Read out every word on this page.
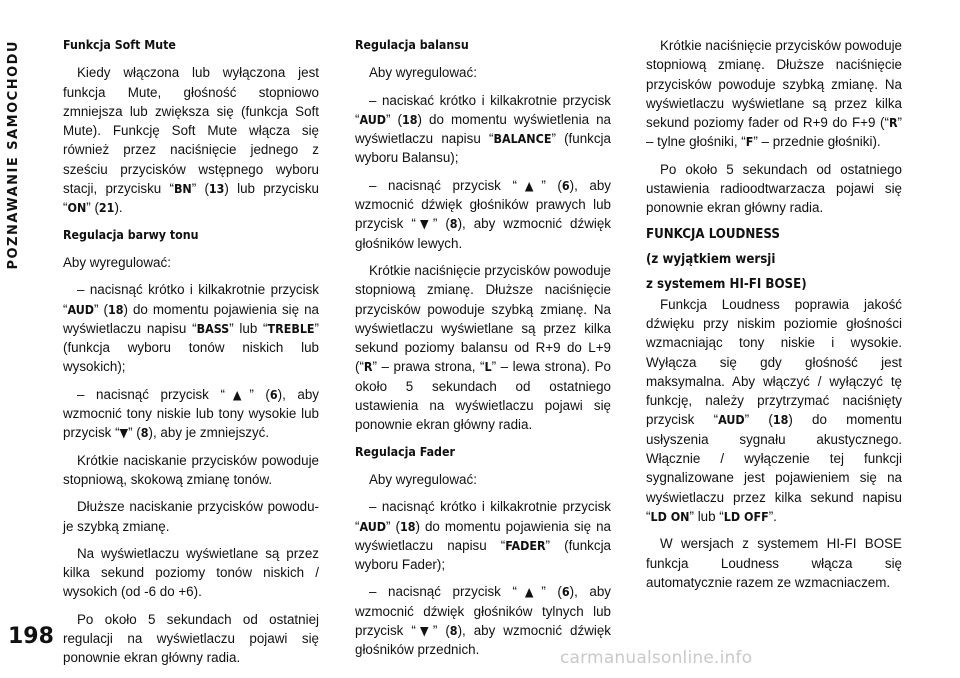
POZNAWANIE SAMOCHODU
198

Funkcja Soft Mute

Kiedy włączona lub wyłączona jest funkcja Mute, głośność stopniowo zmniejsza lub zwiększa się (funkcja Soft Mute). Funkcję Soft Mute włącza się również przez naciśnięcie jednego z sześciu przycisków wstępnego wyboru stacji, przycisku “BN” (13) lub przycisku “ON” (21).

Regulacja barwy tonu

Aby wyregulować:

– nacisnąć krótko i kilkakrotnie przycisk “AUD” (18) do momentu pojawienia się na wyświetlaczu napisu “BASS” lub “TREBLE” (funkcja wyboru tonów niskich lub wysokich);

– nacisnąć przycisk “▲” (6), aby wzmocnić tony niskie lub tony wysokie lub przycisk “▼” (8), aby je zmniejszyć.

Krótkie naciskanie przycisków powoduje stopniową, skokową zmianę tonów.

Dłuższe naciskanie przycisków powoduje szybką zmianę.

Na wyświetlaczu wyświetlane są przez kilka sekund poziomy tonów niskich / wysokich (od -6 do +6).

Po około 5 sekundach od ostatniej regulacji na wyświetlaczu pojawi się ponownie ekran główny radia.

Regulacja balansu

Aby wyregulować:

– naciskać krótko i kilkakrotnie przycisk “AUD” (18) do momentu wyświetlenia na wyświetlaczu napisu “BALANCE” (funkcja wyboru Balansu);

– nacisnąć przycisk “▲” (6), aby wzmocnić dźwięk głośników prawych lub przycisk “▼” (8), aby wzmocnić dźwięk głośników lewych.

Krótkie naciśnięcie przycisków powoduje stopniową zmianę. Dłuższe naciśnięcie przycisków powoduje szybką zmianę. Na wyświetlaczu wyświetlane są przez kilka sekund poziomy balansu od R+9 do L+9 (“R” – prawa strona, “L” – lewa strona). Po około 5 sekundach od ostatniego ustawienia na wyświetlaczu pojawi się ponownie ekran główny radia.

Regulacja Fader

Aby wyregulować:

– nacisnąć krótko i kilkakrotnie przycisk “AUD” (18) do momentu pojawienia się na wyświetlaczu napisu “FADER” (funkcja wyboru Fader);

– nacisnąć przycisk “▲” (6), aby wzmocnić dźwięk głośników tylnych lub przycisk “▼” (8), aby wzmocnić dźwięk głośników przednich.

Krótkie naciśnięcie przycisków powoduje stopniową zmianę. Dłuższe naciśnięcie przycisków powoduje szybką zmianę. Na wyświetlaczu wyświetlane są przez kilka sekund poziomy fader od R+9 do F+9 (“R” – tylne głośniki, “F” – przednie głośniki).

Po około 5 sekundach od ostatniego ustawienia radioodtwarzacza pojawi się ponownie ekran główny radia.

FUNKCJA LOUDNESS

(z wyjątkiem wersji

z systemem HI-FI BOSE)

Funkcja Loudness poprawia jakość dźwięku przy niskim poziomie głośności wzmacniając tony niskie i wysokie. Wyłącza się gdy głośność jest maksymalna. Aby włączyć / wyłączyć tę funkcję, należy przytrzymać naciśnięty przycisk “AUD” (18) do momentu usłyszenia sygnału akustycznego. Włącznie / wyłączenie tej funkcji sygnalizowane jest pojawieniem się na wyświetlaczu przez kilka sekund napisu “LD ON” lub “LD OFF”.

W wersjach z systemem HI-FI BOSE funkcja Loudness włącza się automatycznie razem ze wzmacniaczem.

carmanualsonline.info
